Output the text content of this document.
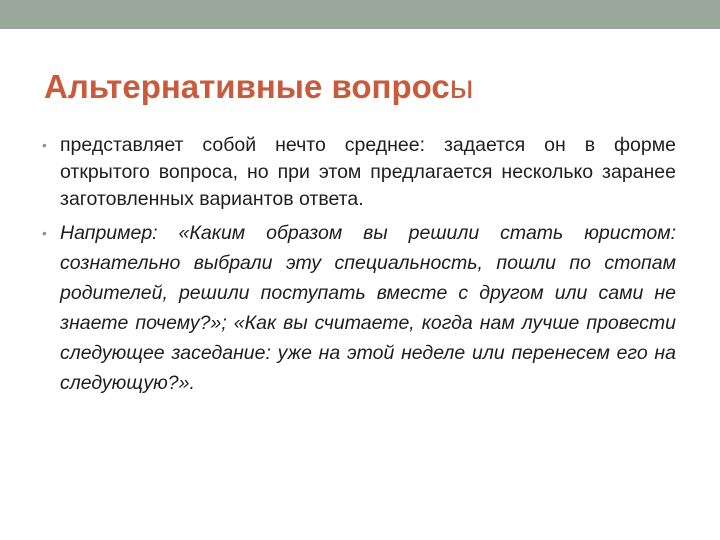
Альтернативные вопросы
• представляет собой нечто среднее: задается он в форме открытого вопроса, но при этом предлагается несколько заранее заготовленных вариантов ответа.
• Например: «Каким образом вы решили стать юристом: сознательно выбрали эту специальность, пошли по стопам родителей, решили поступать вместе с другом или сами не знаете почему?»; «Как вы считаете, когда нам лучше провести следующее заседание: уже на этой неделе или перенесем его на следующую?».
